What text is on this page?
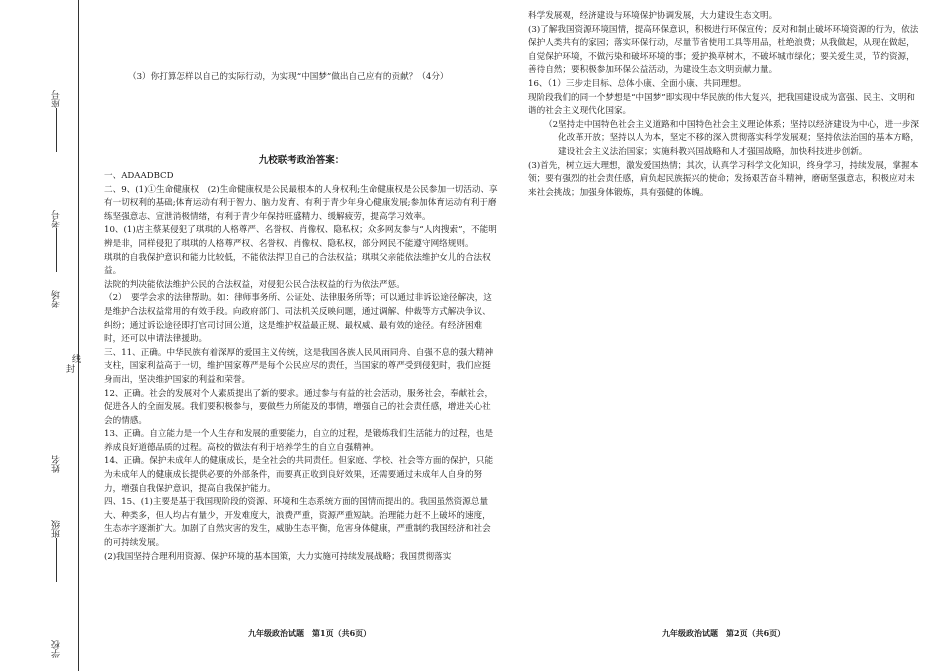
座号
考号
考场
封
线
姓名
班级
学校
（3）你打算怎样以自己的实际行动，为实现“中国梦”做出自己应有的贡献？（4分）
九校联考政治答案：

一、ADAADBCD

二、9、(1)①生命健康权　(2)生命健康权是公民最根本的人身权利;生命健康权是公民参加一切活动、享有一切权利的基础;体育运动有利于智力、脑力发育、有利于青少年身心健康发展;参加体育运动有利于磨练坚强意志、宣泄消极情绪，有利于青少年保持旺盛精力、缓解疲劳，提高学习效率。

10、(1)店主蔡某侵犯了琪琪的人格尊严、名誉权、肖像权、隐私权；众多网友参与“人肉搜索”，不能明辨是非，同样侵犯了琪琪的人格尊严权、名誉权、肖像权、隐私权，部分网民不能遵守网络规则。

琪琪的自我保护意识和能力比较低，不能依法捍卫自己的合法权益；琪琪父亲能依法维护女儿的合法权益。

法院的判决能依法维护公民的合法权益，对侵犯公民合法权益的行为依法严惩。

（2）　要学会求的法律帮助。如：律师事务所、公证处、法律服务所等；可以通过非诉讼途径解决，这是维护合法权益常用的有效手段。向政府部门、司法机关反映问题，通过调解、仲裁等方式解决争议、纠纷；通过诉讼途径即打官司讨回公道，这是维护权益最正规、最权威、最有效的途径。有经济困难时，还可以申请法律援助。

三、11、正确。中华民族有着深厚的爱国主义传统，这是我国各族人民风雨同舟、自强不息的强大精神支柱，国家利益高于一切，维护国家尊严是每个公民应尽的责任，当国家的尊严受到侵犯时，我们应挺身而出，坚决维护国家的利益和荣誉。

12、正确。社会的发展对个人素质提出了新的要求。通过参与有益的社会活动，服务社会，奉献社会，促进各人的全面发展。我们要积极参与，要做些力所能及的事情，增强自己的社会责任感，增进关心社会的情感。

13、正确。自立能力是一个人生存和发展的重要能力，自立的过程，是锻炼我们生活能力的过程，也是养成良好道德品质的过程。高校的做法有利于培养学生的自立自强精神。

14、正确。保护未成年人的健康成长，是全社会的共同责任。但家庭、学校、社会等方面的保护，只能为未成年人的健康成长提供必要的外部条件，而要真正收到良好效果，还需要通过未成年人自身的努力，增强自我保护意识，提高自我保护能力。

四、15、(1)主要是基于我国现阶段的资源、环境和生态系统方面的国情而提出的。我国虽然资源总量大、种类多，但人均占有量少，开发难度大，浪费严重，资源严重短缺。治理能力赶不上破坏的速度，生态赤字逐渐扩大。加剧了自然灾害的发生，威胁生态平衡，危害身体健康，严重制约我国经济和社会的可持续发展。

(2)我国坚持合理利用资源、保护环境的基本国策，大力实施可持续发展战略；我国贯彻落实

九年级政治试题　第1页（共6页）

科学发展观，经济建设与环境保护协调发展，大力建设生态文明。

(3)了解我国资源环境国情，提高环保意识，积极进行环保宣传；反对和制止破坏环境资源的行为，依法保护人类共有的家园；落实环保行动，尽量节省使用工具等用品，杜绝浪费；从我做起，从现在做起，自觉保护环境，不做污染和破坏环境的事；爱护换草树木，不破坏城市绿化；要关爱生灵，节约资源，善待自然；要积极参加环保公益活动，为建设生态文明贡献力量。

16、（1）三步走目标、总体小康、全面小康、共同理想。

现阶段我们的同一个梦想是“中国梦”即实现中华民族的伟大复兴，把我国建设成为富强、民主、文明和谐的社会主义现代化国家。

（2坚持走中国特色社会主义道路和中国特色社会主义理论体系；坚持以经济建设为中心，进一步深化改革开放；坚持以人为本，坚定不移的深入贯彻落实科学发展观；坚持依法治国的基本方略，建设社会主义法治国家；实施科教兴国战略和人才强国战略，加快科技进步创新。

(3)首先，树立远大理想，激发爱国热情；其次，认真学习科学文化知识，终身学习，持续发展，掌握本领；要有强烈的社会责任感，肩负起民族振兴的使命；发扬艰苦奋斗精神，磨砺坚强意志，积极应对未来社会挑战；加强身体锻炼，具有强健的体魄。

九年级政治试题　第2页（共6页）
